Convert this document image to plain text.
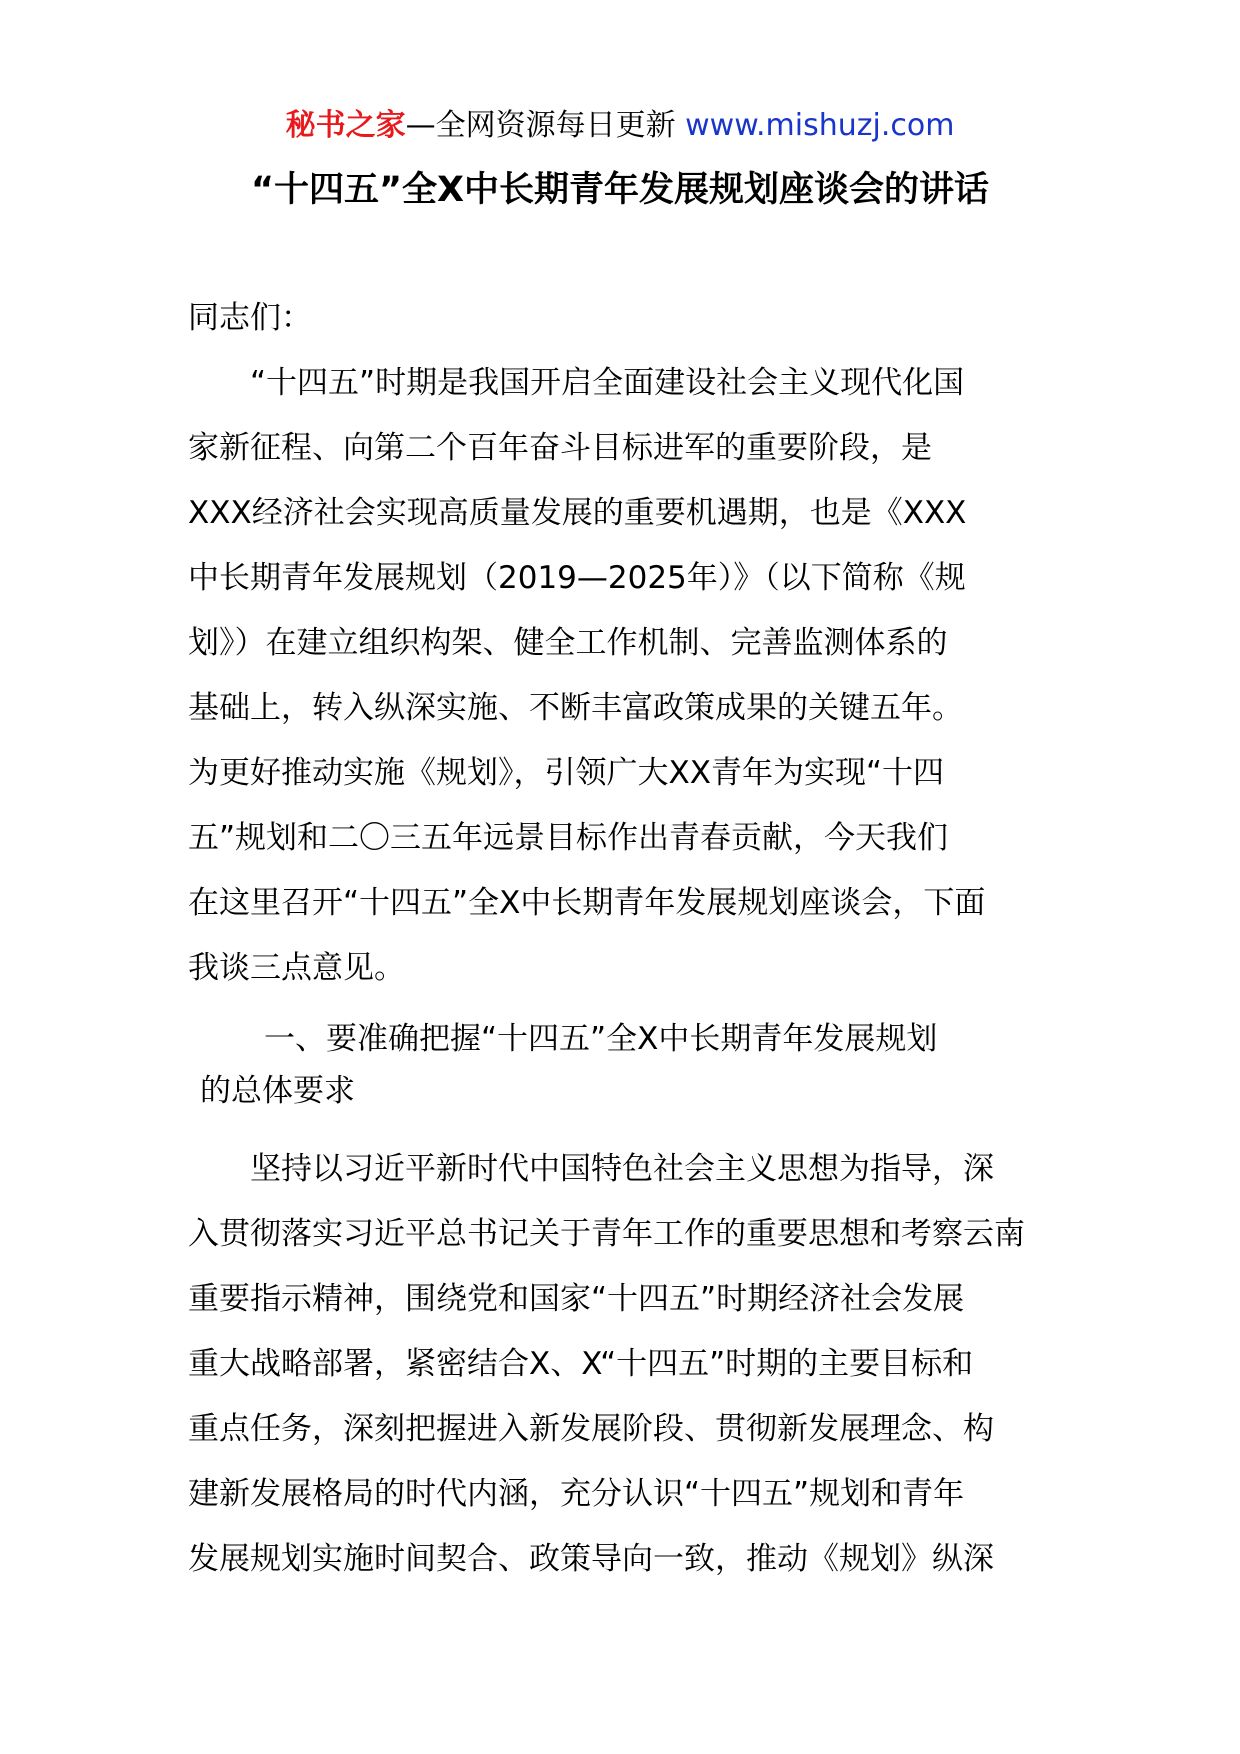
秘书之家—全网资源每日更新 www.mishuzj.com
“十四五”全X中长期青年发展规划座谈会的讲话
同志们：
“十四五”时期是我国开启全面建设社会主义现代化国
家新征程、向第二个百年奋斗目标进军的重要阶段，是
XXX经济社会实现高质量发展的重要机遇期，也是《XXX
中长期青年发展规划（2019—2025年）》（以下简称《规
划》）在建立组织构架、健全工作机制、完善监测体系的
基础上，转入纵深实施、不断丰富政策成果的关键五年。
为更好推动实施《规划》，引领广大XX青年为实现“十四
五”规划和二〇三五年远景目标作出青春贡献，今天我们
在这里召开“十四五”全X中长期青年发展规划座谈会，下面
我谈三点意见。
一、要准确把握“十四五”全X中长期青年发展规划
的总体要求
坚持以习近平新时代中国特色社会主义思想为指导，深
入贯彻落实习近平总书记关于青年工作的重要思想和考察云南
重要指示精神，围绕党和国家“十四五”时期经济社会发展
重大战略部署，紧密结合X、X“十四五”时期的主要目标和
重点任务，深刻把握进入新发展阶段、贯彻新发展理念、构
建新发展格局的时代内涵，充分认识“十四五”规划和青年
发展规划实施时间契合、政策导向一致，推动《规划》纵深
